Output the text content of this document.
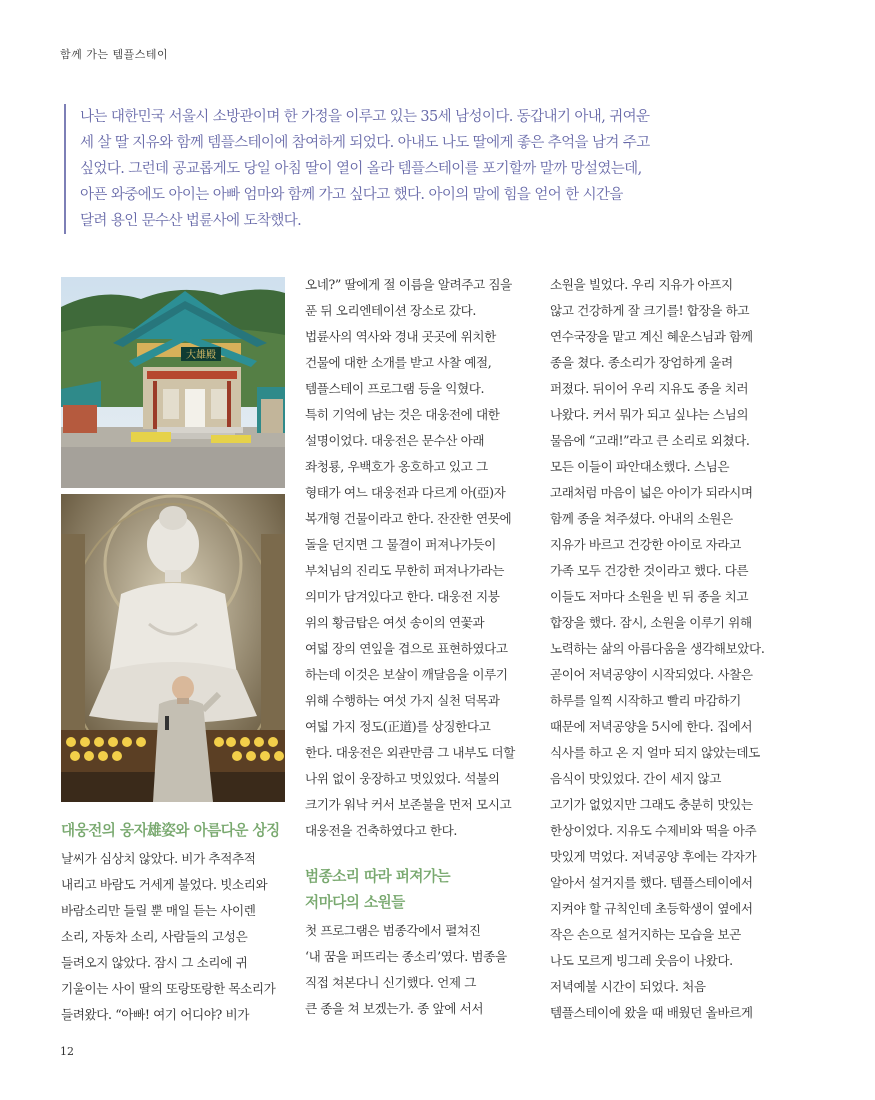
함께 가는 템플스테이

나는 대한민국 서울시 소방관이며 한 가정을 이루고 있는 35세 남성이다. 동갑내기 아내, 귀여운

세 살 딸 지유와 함께 템플스테이에 참여하게 되었다. 아내도 나도 딸에게 좋은 추억을 남겨 주고

싶었다. 그런데 공교롭게도 당일 아침 딸이 열이 올라 템플스테이를 포기할까 말까 망설였는데,

아픈 와중에도 아이는 아빠 엄마와 함께 가고 싶다고 했다. 아이의 말에 힘을 얻어 한 시간을

달려 용인 문수산 법륜사에 도착했다.

大雄殿

대웅전의 웅자雄姿와 아름다운 상징

날씨가 심상치 않았다. 비가 추적추적

내리고 바람도 거세게 불었다. 빗소리와

바람소리만 들릴 뿐 매일 듣는 사이렌

소리, 자동차 소리, 사람들의 고성은

들려오지 않았다. 잠시 그 소리에 귀

기울이는 사이 딸의 또랑또랑한 목소리가

들려왔다. “아빠! 여기 어디야? 비가

오네?” 딸에게 절 이름을 알려주고 짐을

푼 뒤 오리엔테이션 장소로 갔다.

법륜사의 역사와 경내 곳곳에 위치한

건물에 대한 소개를 받고 사찰 예절,

템플스테이 프로그램 등을 익혔다.

특히 기억에 남는 것은 대웅전에 대한

설명이었다. 대웅전은 문수산 아래

좌청룡, 우백호가 옹호하고 있고 그

형태가 여느 대웅전과 다르게 아(亞)자

복개형 건물이라고 한다. 잔잔한 연못에

돌을 던지면 그 물결이 퍼져나가듯이

부처님의 진리도 무한히 퍼져나가라는

의미가 담겨있다고 한다. 대웅전 지붕

위의 황금탑은 여섯 송이의 연꽃과

여덟 장의 연잎을 겹으로 표현하였다고

하는데 이것은 보살이 깨달음을 이루기

위해 수행하는 여섯 가지 실천 덕목과

여덟 가지 정도(正道)를 상징한다고

한다. 대웅전은 외관만큼 그 내부도 더할

나위 없이 웅장하고 멋있었다. 석불의

크기가 워낙 커서 보존불을 먼저 모시고

대웅전을 건축하였다고 한다.

범종소리 따라 퍼져가는
저마다의 소원들

첫 프로그램은 범종각에서 펼쳐진

‘내 꿈을 퍼뜨리는 종소리’였다. 범종을

직접 쳐본다니 신기했다. 언제 그

큰 종을 쳐 보겠는가. 종 앞에 서서

소원을 빌었다. 우리 지유가 아프지

않고 건강하게 잘 크기를! 합장을 하고

연수국장을 맡고 계신 혜운스님과 함께

종을 쳤다. 종소리가 장엄하게 울려

퍼졌다. 뒤이어 우리 지유도 종을 치러

나왔다. 커서 뭐가 되고 싶냐는 스님의

물음에 “고래!”라고 큰 소리로 외쳤다.

모든 이들이 파안대소했다. 스님은

고래처럼 마음이 넓은 아이가 되라시며

함께 종을 쳐주셨다. 아내의 소원은

지유가 바르고 건강한 아이로 자라고

가족 모두 건강한 것이라고 했다. 다른

이들도 저마다 소원을 빈 뒤 종을 치고

합장을 했다. 잠시, 소원을 이루기 위해

노력하는 삶의 아름다움을 생각해보았다.

곧이어 저녁공양이 시작되었다. 사찰은

하루를 일찍 시작하고 빨리 마감하기

때문에 저녁공양을 5시에 한다. 집에서

식사를 하고 온 지 얼마 되지 않았는데도

음식이 맛있었다. 간이 세지 않고

고기가 없었지만 그래도 충분히 맛있는

한상이었다. 지유도 수제비와 떡을 아주

맛있게 먹었다. 저녁공양 후에는 각자가

알아서 설거지를 했다. 템플스테이에서

지켜야 할 규칙인데 초등학생이 옆에서

작은 손으로 설거지하는 모습을 보곤

나도 모르게 빙그레 웃음이 나왔다.

저녁예불 시간이 되었다. 처음

템플스테이에 왔을 때 배웠던 올바르게

12
